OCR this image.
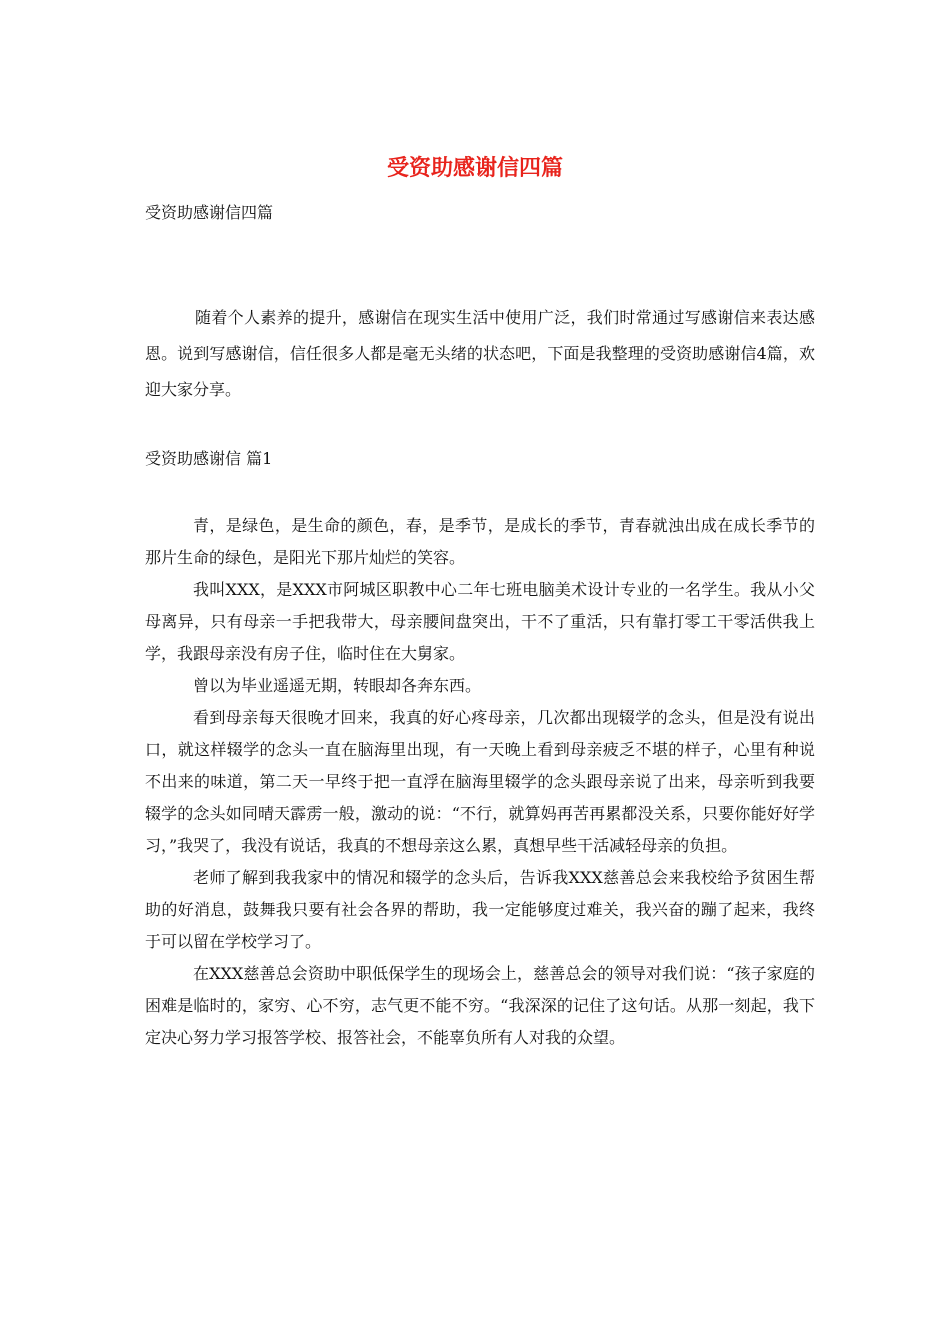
受资助感谢信四篇

受资助感谢信四篇

随着个人素养的提升，感谢信在现实生活中使用广泛，我们时常通过写感谢信来表达感恩。说到写感谢信，信任很多人都是毫无头绪的状态吧，下面是我整理的受资助感谢信4篇，欢迎大家分享。

受资助感谢信 篇1

青，是绿色，是生命的颜色，春，是季节，是成长的季节，青春就浊出成在成长季节的那片生命的绿色，是阳光下那片灿烂的笑容。

我叫XXX，是XXX市阿城区职教中心二年七班电脑美术设计专业的一名学生。我从小父母离异，只有母亲一手把我带大，母亲腰间盘突出，干不了重活，只有靠打零工干零活供我上学，我跟母亲没有房子住，临时住在大舅家。

曾以为毕业遥遥无期，转眼却各奔东西。

看到母亲每天很晚才回来，我真的好心疼母亲，几次都出现辍学的念头，但是没有说出口，就这样辍学的念头一直在脑海里出现，有一天晚上看到母亲疲乏不堪的样子，心里有种说不出来的味道，第二天一早终于把一直浮在脑海里辍学的念头跟母亲说了出来，母亲听到我要辍学的念头如同晴天霹雳一般，激动的说：“不行，就算妈再苦再累都没关系，只要你能好好学习，”我哭了，我没有说话，我真的不想母亲这么累，真想早些干活减轻母亲的负担。

老师了解到我我家中的情况和辍学的念头后，告诉我XXX慈善总会来我校给予贫困生帮助的好消息，鼓舞我只要有社会各界的帮助，我一定能够度过难关，我兴奋的蹦了起来，我终于可以留在学校学习了。

在XXX慈善总会资助中职低保学生的现场会上，慈善总会的领导对我们说：“孩子家庭的困难是临时的，家穷、心不穷，志气更不能不穷。“我深深的记住了这句话。从那一刻起，我下定决心努力学习报答学校、报答社会，不能辜负所有人对我的众望。
